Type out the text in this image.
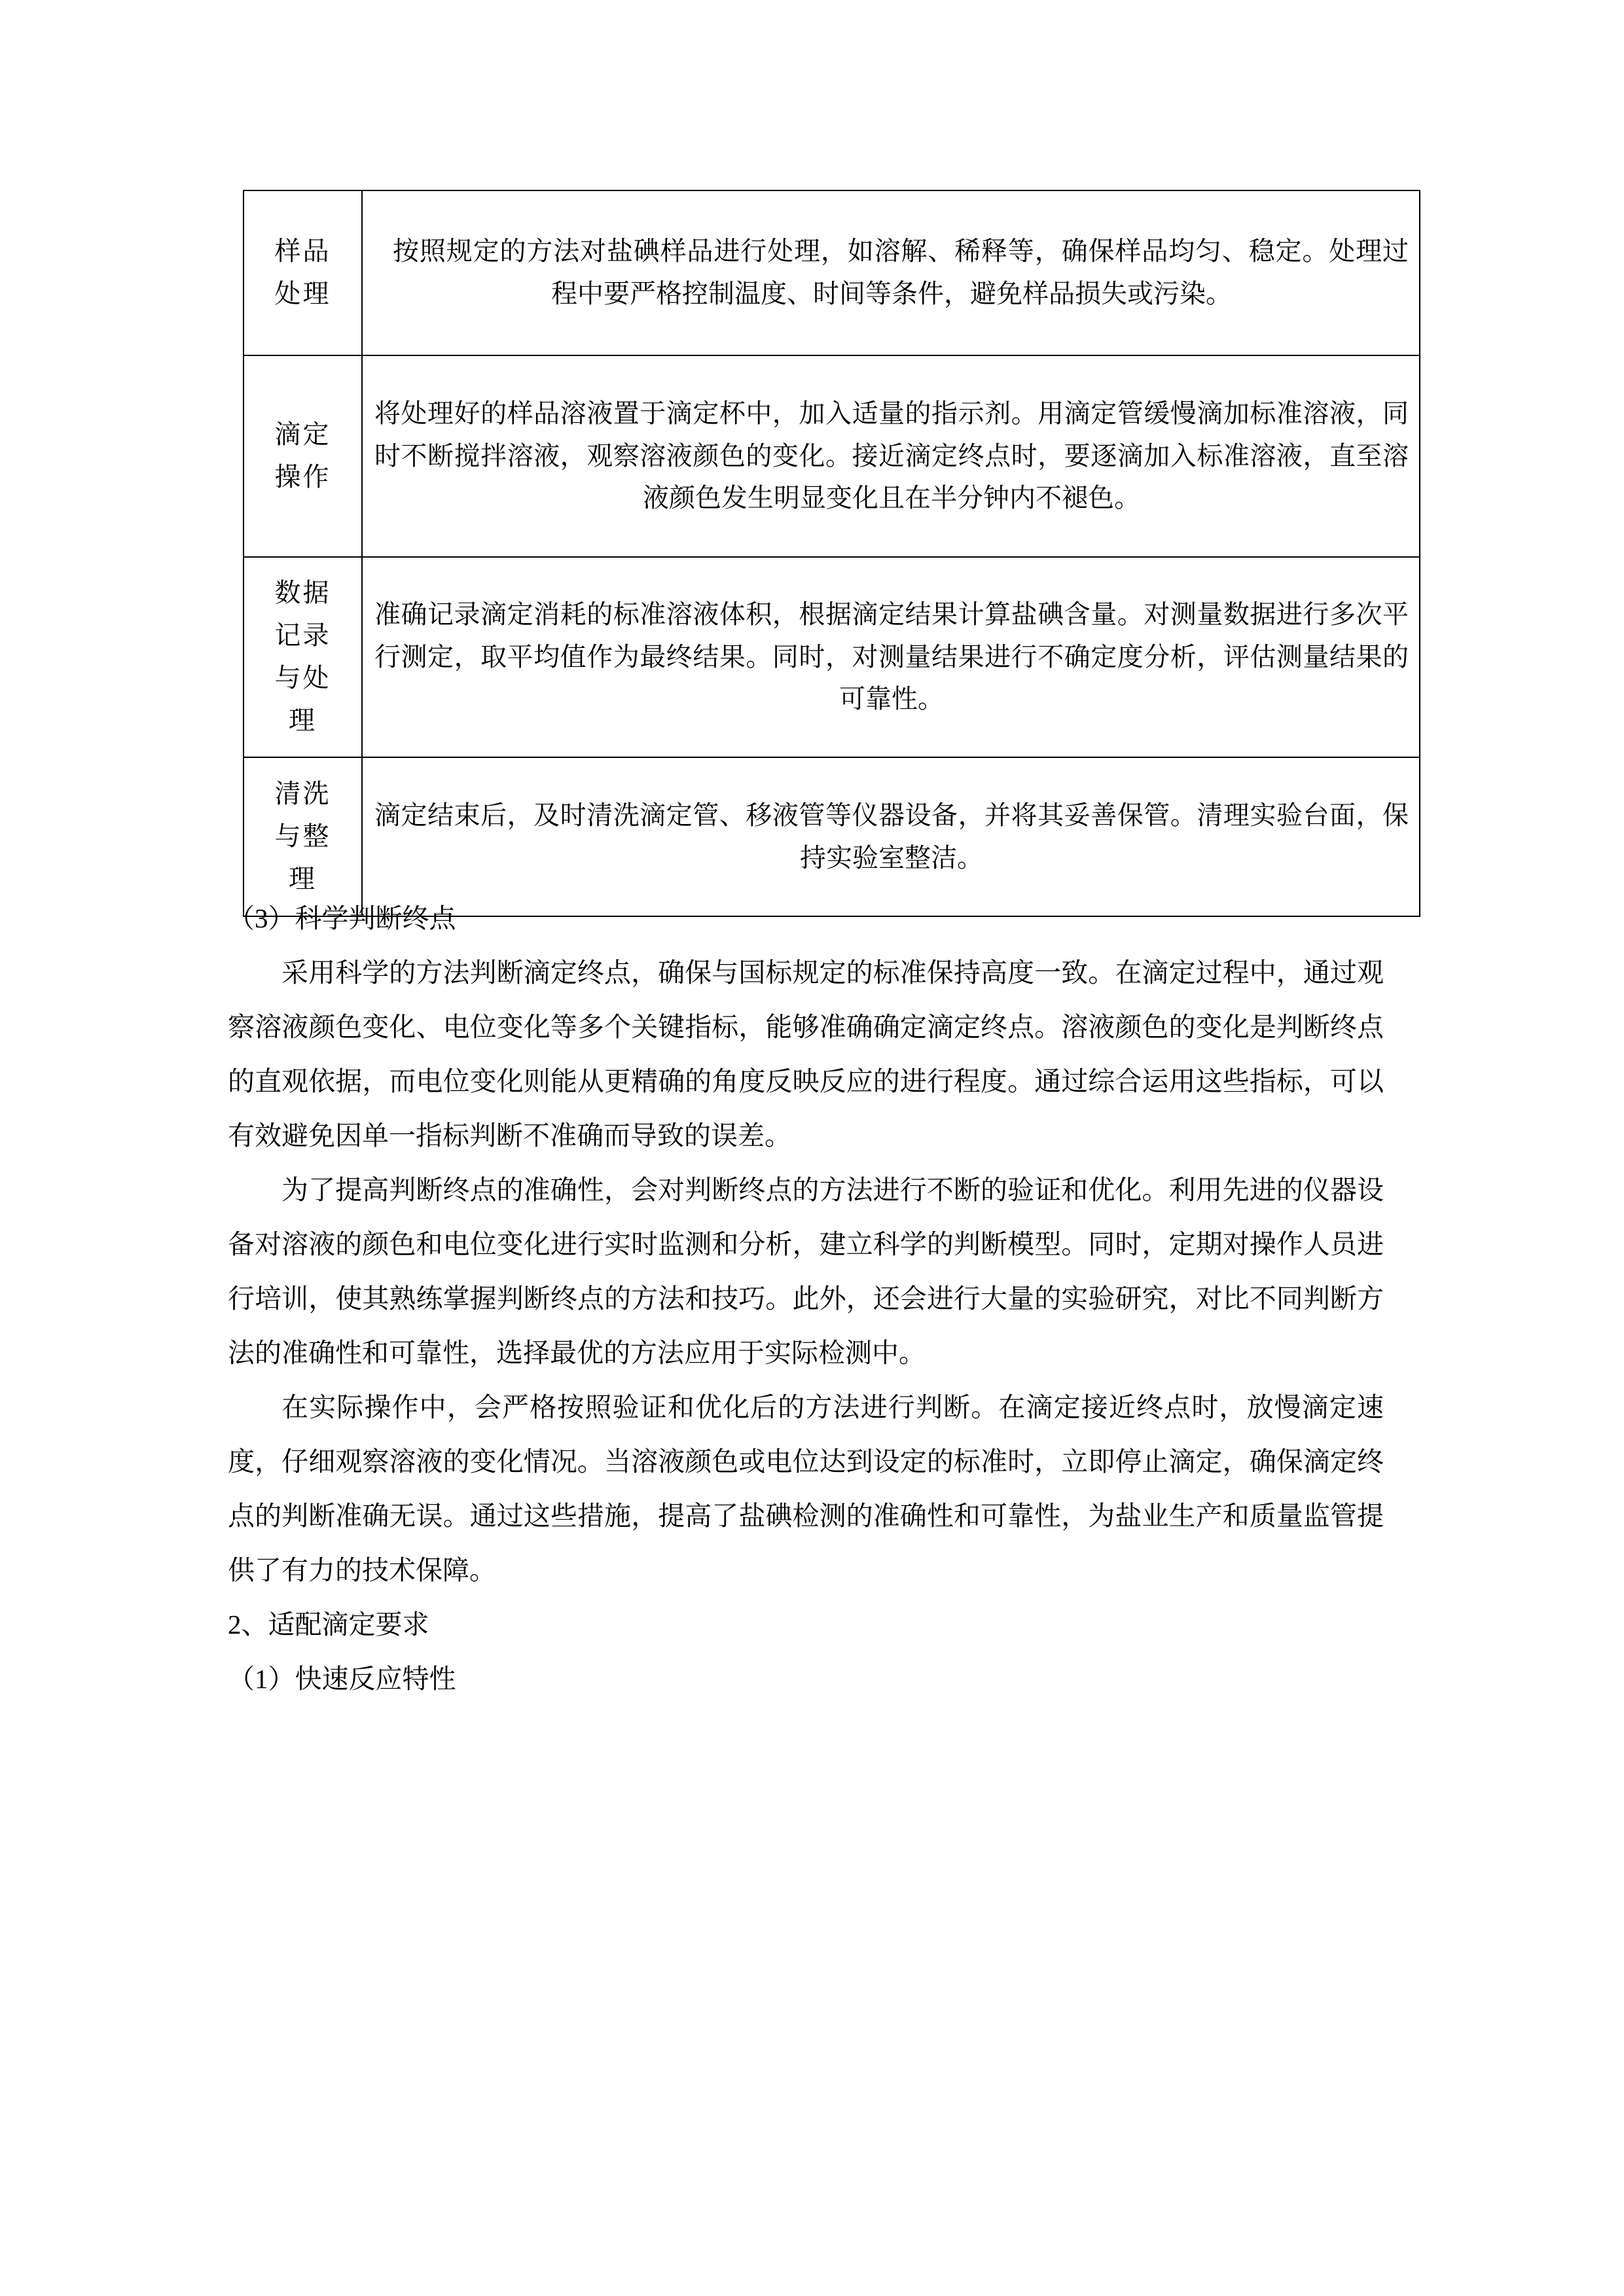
样品
处理	按照规定的方法对盐碘样品进行处理，如溶解、稀释等，确保样品均匀、稳定。处理过程中要严格控制温度、时间等条件，避免样品损失或污染。

滴定
操作	将处理好的样品溶液置于滴定杯中，加入适量的指示剂。用滴定管缓慢滴加标准溶液，同时不断搅拌溶液，观察溶液颜色的变化。接近滴定终点时，要逐滴加入标准溶液，直至溶液颜色发生明显变化且在半分钟内不褪色。

数据
记录
与处
理	准确记录滴定消耗的标准溶液体积，根据滴定结果计算盐碘含量。对测量数据进行多次平行测定，取平均值作为最终结果。同时，对测量结果进行不确定度分析，评估测量结果的可靠性。

清洗
与整
理	滴定结束后，及时清洗滴定管、移液管等仪器设备，并将其妥善保管。清理实验台面，保持实验室整洁。

（3）科学判断终点

采用科学的方法判断滴定终点，确保与国标规定的标准保持高度一致。在滴定过程中，通过观察溶液颜色变化、电位变化等多个关键指标，能够准确确定滴定终点。溶液颜色的变化是判断终点的直观依据，而电位变化则能从更精确的角度反映反应的进行程度。通过综合运用这些指标，可以有效避免因单一指标判断不准确而导致的误差。

为了提高判断终点的准确性，会对判断终点的方法进行不断的验证和优化。利用先进的仪器设备对溶液的颜色和电位变化进行实时监测和分析，建立科学的判断模型。同时，定期对操作人员进行培训，使其熟练掌握判断终点的方法和技巧。此外，还会进行大量的实验研究，对比不同判断方法的准确性和可靠性，选择最优的方法应用于实际检测中。

在实际操作中，会严格按照验证和优化后的方法进行判断。在滴定接近终点时，放慢滴定速度，仔细观察溶液的变化情况。当溶液颜色或电位达到设定的标准时，立即停止滴定，确保滴定终点的判断准确无误。通过这些措施，提高了盐碘检测的准确性和可靠性，为盐业生产和质量监管提供了有力的技术保障。

2、适配滴定要求

（1）快速反应特性
